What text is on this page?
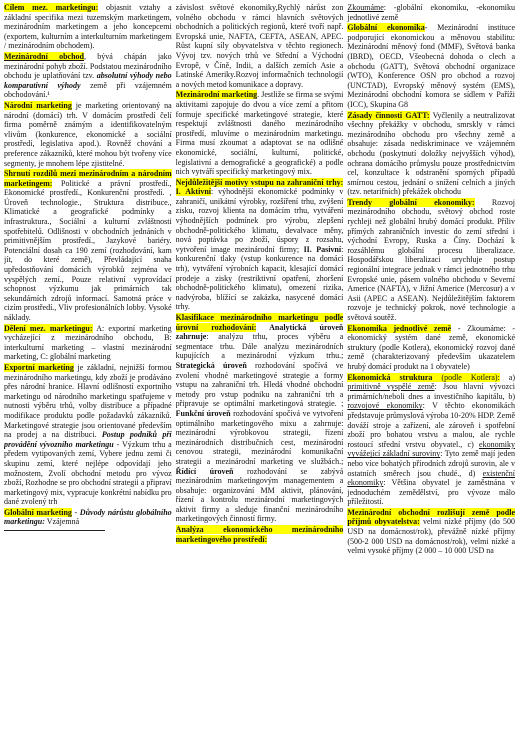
Cílem mez. marketingu: objasnit vztahy a základní specifika mezi tuzemským marketingem, mezinárodním marketingem a jeho koncepcemi (exportem, kulturním a interkulturním marketingem / mezinárodním obchodem).

Mezinárodní obchod, bývá chápán jako mezinárodní pohyb zboží. Podstatou mezinárodního obchodu je uplatňování tzv. absolutní výhody nebo komparativní výhody země při vzájemném obchodování.¹

Národní marketing je marketing orientovaný na národní (domácí) trh. V domácím prostředí čelí firma poměrně známým a identifikovatelným vlivům (konkurence, ekonomické a sociální prostředí, legislativa apod.). Rovněž chování a preference zákazníků, které mohou být tvořeny více segmenty, je mnohem lépe zjistitelné.

Shrnutí rozdílů mezi mezinárodním a národním marketingem: Politické a právní prostředí., Ekonomické prostředí., Konkurenční prostředí. , Úroveň technologie., Struktura distribuce., Klimatické a geografické podmínky a infrastruktura., Sociální a kulturní zvláštnosti spotřebitelů. Odlišnosti v obchodních jednáních v primitivnějším prostředí., Jazykové bariéry. Potenciální dosah ca 190 zemí (rozhodování, kam jít, do které země), Převládající snaha upředostňování domácích výrobků zejména ve vyspělých zemí., Pouze relativní vyprovídací schopnost výzkumu jak primárních tak sekundárních zdrojů informací. Samotná práce v cizím prostředí., Vliv profesionálních lobby. Vysoké náklady.

Dělení mez. marketingu: A: exportní marketing vycházející z mezinárodního obchodu, B: interkulturní marketing – vlastní mezinárodní marketing, C: globální marketing

Exportní marketing je základní, nejnižší formou mezinárodního marketingu, kdy zboží je prodáváno přes národní hranice. Hlavní odlišností exportního marketingu od národního marketingu spatřujeme v nutnosti výběru trhů, volby distribuce a případné modifikace produktu podle požadavků zákazníků. Marketingové strategie jsou orientované především na prodej a na distribuci. Postup podniků při provádění vývozního marketingu - Výzkum trhu a předem vytipovaných zemí, Vybere jednu zemi či skupinu zemí, které nejlépe odpovídají jeho možnostem, Zvolí obchodní metodu pro vývoz zboží, Rozhodne se pro obchodní strategii a připraví marketingový mix, vypracuje konkrétní nabídku pro dané zvolený trh

Globální marketing - Důvody nárůstu globálního marketingu: Vzájemná

závislost světové ekonomiky,Rychlý nárůst zon volného obchodu v rámci hlavních světových obchodních a politických regionů, které tvoří např. Evropská unie, NAFTA, CEFTA, ASEAN, APEC. Růst kupní síly obyvatelstva v těchto regionech. Vývoj tzv. nových trhů ve Střední a Východní Evropě, v Číně, Indii, a dalších zemích Asie a Latinské Ameriky.Rozvoj informačních technologií a nových metod komunikace a dopravy.

Mezinárodní marketing. Jestliže se firma se svými aktivitami zapojuje do dvou a více zemí a přitom formuje specifické marketingové strategie, které respektují zvláštnosti daného mezinárodního prostředí, mluvíme o mezinárodním marketingu. Firma musí zkoumat a adaptovat se na odlišné ekonomické, sociální, kulturní, politické, legislativní a demografické a geografické) a podle nich vytváří specifický marketingový mix.

Nejdůležitější motivy vstupu na zahraniční trhy: I. Aktivní: výhodnější ekonomické podmínky v zahraničí, unikátní výrobky, rozšíření trhu, zvýšení zisku, rozvoj klienta na domácím trhu, vytváření výhodnějších podmínek pro výrobu, zlepšení obchodně-politického klimatu, devalvace měny, nová poptávka po zboží, úspory z rozsahu, vytvoření image mezinárodní firmy; II. Pasivní: konkurenční tlaky (vstup konkurence na domácí trh), vytváření výrobních kapacit, klesající domácí prodeje a zisky (restriktivní opatření, zhoršení obchodně-politického klimatu), omezení rizika, nadvýroba, blížící se zakázka, nasycené domácí trhy.

Klasifikace mezinárodního marketingu podle úrovní rozhodování: Analytická úroveň zahrnuje: analýzu trhu, proces výběru a segmentace trhu. Dále analýzu mezinárodních kupujících a mezinárodní výzkum trhu.; Strategická úroveň rozhodování spočívá ve zvolení vhodné marketingové strategie a formy vstupu na zahraniční trh. Hledá vhodné obchodní metody pro vstup podniku na zahraniční trh a připravuje se optimální marketingová strategie. ; Funkční úroveň rozhodování spočívá ve vytvoření optimálního marketingového mixu a zahrnuje: mezinárodní výrobkovou strategii, řízení mezinárodních distribučních cest, mezinárodní cenovou strategii, mezinárodní komunikační strategii a mezinárodní marketing ve službách.; Řídící úroveň rozhodování se zabývá mezinárodním marketingovým managementem a obsahuje: organizování MM aktivit, plánování, řízení a kontrolu mezinárodní marketingových aktivit firmy a sleduje finanční mezinárodního marketingových činností firmy.

Analýza ekonomického mezinárodního marketingového prostředí:

Zkoumáme: -globální ekonomiku, -ekonomiku jednotlivé země

Globální ekonomika- Mezinárodní instituce podporující ekonomickou a měnovou stabilitu: Mezinárodní měnový fond (MMF), Světová banka (IBRD), OECD, Všeobecná dohoda o clech a obchodu (GATT), Světová obchodní organizace (WTO), Konference OSN pro obchod a rozvoj (UNCTAD), Evropský měnový systém (EMS), Mezinárodní obchodní komora se sídlem v Paříži (ICC), Skupina G8

Zásady činnosti GATT: Vyčlenily a neutralizovat všechny překážky v obchodu, smrskly v rámci mezinárodního obchodu pro všechny země a obsahuje: zásada nediskriminace ve vzájemném obchodu (poskytnutí doložky nejvyšších výhod), ochrana domácího průmyslu pouze prostřednictvím cel, konzultace k odstranění sporných případů smírnou cestou, jednání o snížení celních a jiných (tzv. netarifních) překážek obchodu

Trendy globální ekonomiky: Rozvoj mezinárodního obchodu, světový obchod roste rychleji než globální hrubý domácí produkt. Příliv přímých zahraničních investic do zemí střední i východní Evropy, Ruska a Číny. Dochází k rozsáhlému globální procesu liberalizace. Hospodářskou liberalizaci urychluje postup regionální integrace jednak v rámci jednotného trhu Evropské unie, pásem volného obchodu v Severní Americe (NAFTA), v Jižní Americe (Mercosur) a v Asii (APEC a ASEAN). Nejdůležitějším faktorem rozvoje je technický pokrok, nové technologie a světová soutěž.

Ekonomika jednotlivé země - Zkoumáme: - ekonomický systém dané země, ekonomické struktury (podle Kotlera), ekonomický rozvoj dané země (charakterizovaný především ukazatelem hrubý domácí produkt na 1 obyvatele)

Ekonomická struktura (podle Kotlera): a) primitivně vyspělé země: Jsou hlavní vývozci primárních/neboli dnes a investičního kapitálu, b) rozvojové ekonomiky: V těchto ekonomikách představuje průmyslová výroba 10-20% HDP. Země dováží stroje a zařízení, ale zároveň i spotřební zboží pro bohatou vrstvu a malou, ale rychle rostoucí střední vrstvu obyvatel., c) ekonomiky vyvážející základní suroviny: Tyto země mají jeden nebo více bohatých přírodních zdrojů surovin, ale v ostatních směrech jsou chudé., d) existenční ekonomiky: Většina obyvatel je zaměstnána v jednoduchém zemědělství, pro vývoze málo příležitostí.

Mezinárodní obchodní rozlišují země podle příjmů obyvatelstva: velmi nízké příjmy (do 500 USD na domácnost/rok), převážně nízké příjmy (500-2 000 USD na domácnost/rok), velmi nízké a velmi vysoké příjmy (2 000 – 10 000 USD na
